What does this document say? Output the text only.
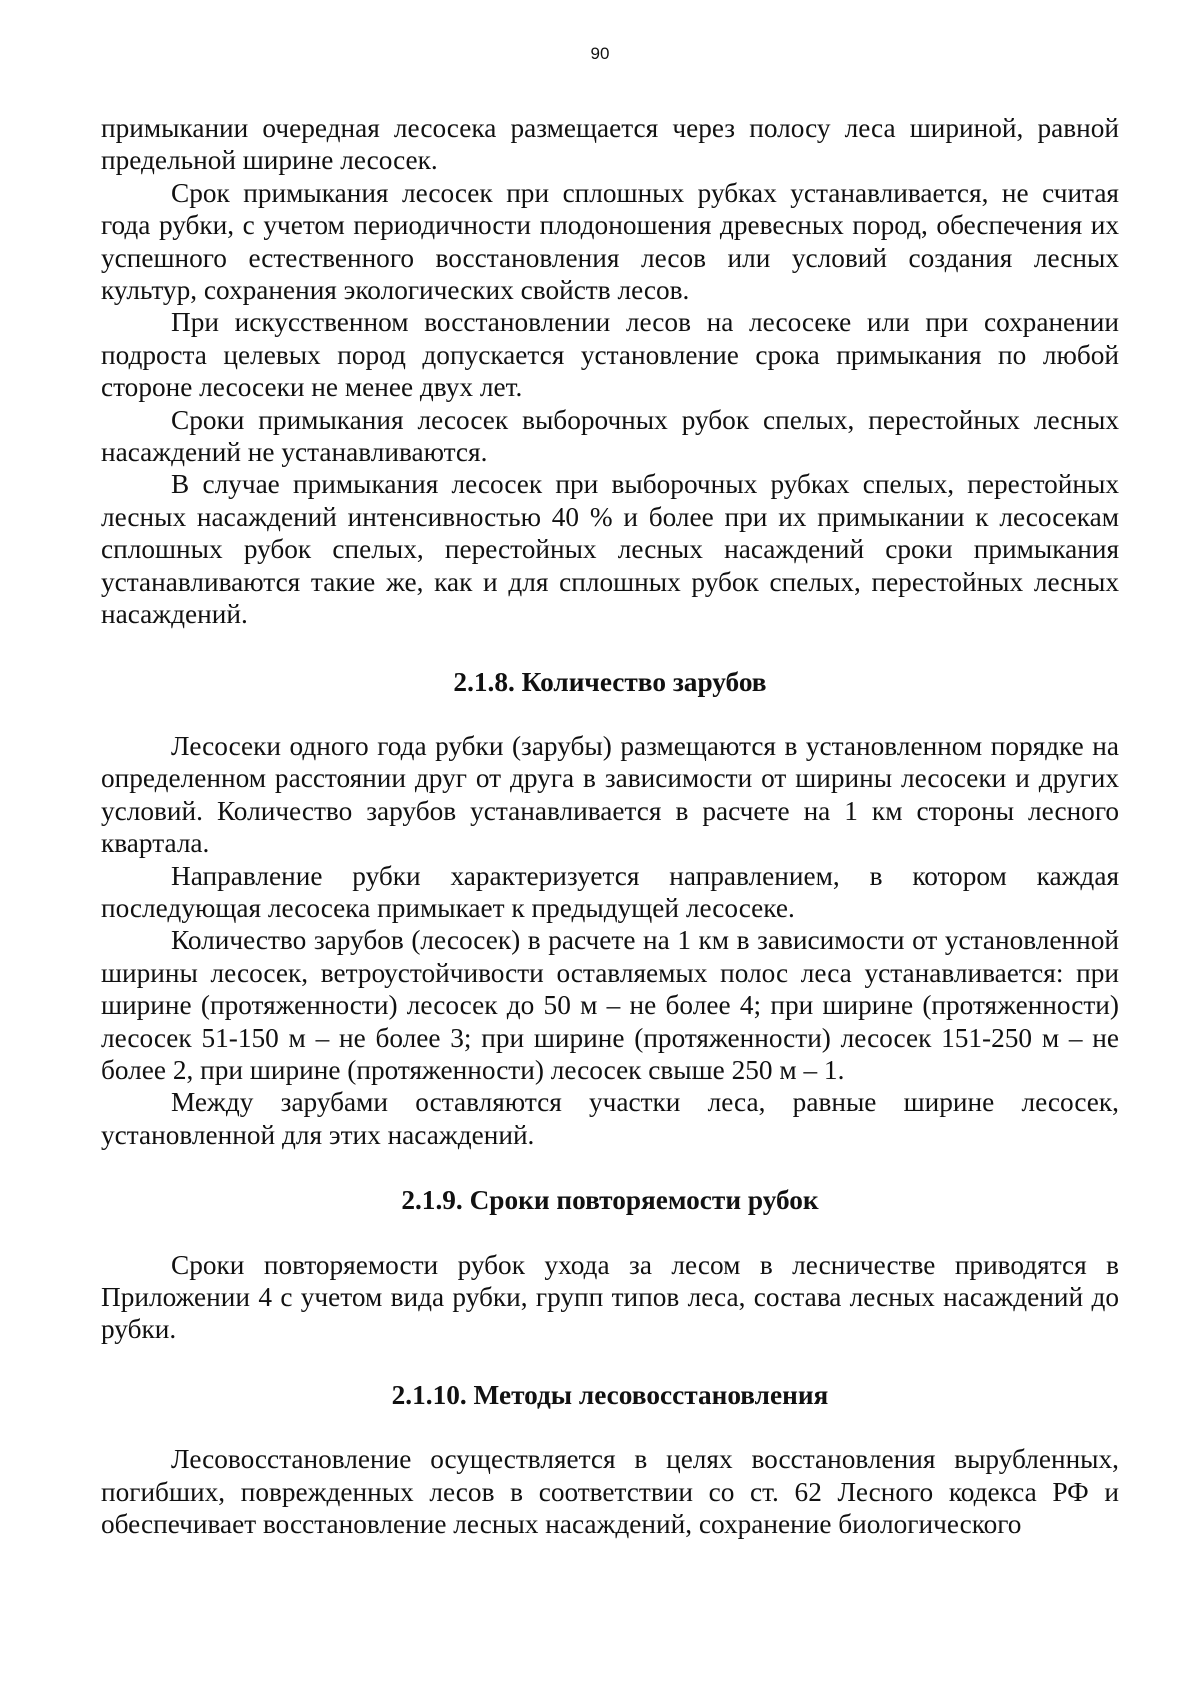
90

примыкании очередная лесосека размещается через полосу леса шириной, равной предельной ширине лесосек.

Срок примыкания лесосек при сплошных рубках устанавливается, не считая года рубки, с учетом периодичности плодоношения древесных пород, обеспечения их успешного естественного восстановления лесов или условий создания лесных культур, сохранения экологических свойств лесов.

При искусственном восстановлении лесов на лесосеке или при сохранении подроста целевых пород допускается установление срока примыкания по любой стороне лесосеки не менее двух лет.

Сроки примыкания лесосек выборочных рубок спелых, перестойных лесных насаждений не устанавливаются.

В случае примыкания лесосек при выборочных рубках спелых, перестойных лесных насаждений интенсивностью 40 % и более при их примыкании к лесосекам сплошных рубок спелых, перестойных лесных насаждений сроки примыкания устанавливаются такие же, как и для сплошных рубок спелых, перестойных лесных насаждений.

2.1.8. Количество зарубов

Лесосеки одного года рубки (зарубы) размещаются в установленном порядке на определенном расстоянии друг от друга в зависимости от ширины лесосеки и других условий. Количество зарубов устанавливается в расчете на 1 км стороны лесного квартала.

Направление рубки характеризуется направлением, в котором каждая последующая лесосека примыкает к предыдущей лесосеке.

Количество зарубов (лесосек) в расчете на 1 км в зависимости от установленной ширины лесосек, ветроустойчивости оставляемых полос леса устанавливается: при ширине (протяженности) лесосек до 50 м – не более 4; при ширине (протяженности) лесосек 51-150 м – не более 3; при ширине (протяженности) лесосек 151-250 м – не более 2, при ширине (протяженности) лесосек свыше 250 м – 1.

Между зарубами оставляются участки леса, равные ширине лесосек, установленной для этих насаждений.

2.1.9. Сроки повторяемости рубок

Сроки повторяемости рубок ухода за лесом в лесничестве приводятся в Приложении 4 с учетом вида рубки, групп типов леса, состава лесных насаждений до рубки.

2.1.10. Методы лесовосстановления

Лесовосстановление осуществляется в целях восстановления вырубленных, погибших, поврежденных лесов в соответствии со ст. 62 Лесного кодекса РФ и обеспечивает восстановление лесных насаждений, сохранение биологического
